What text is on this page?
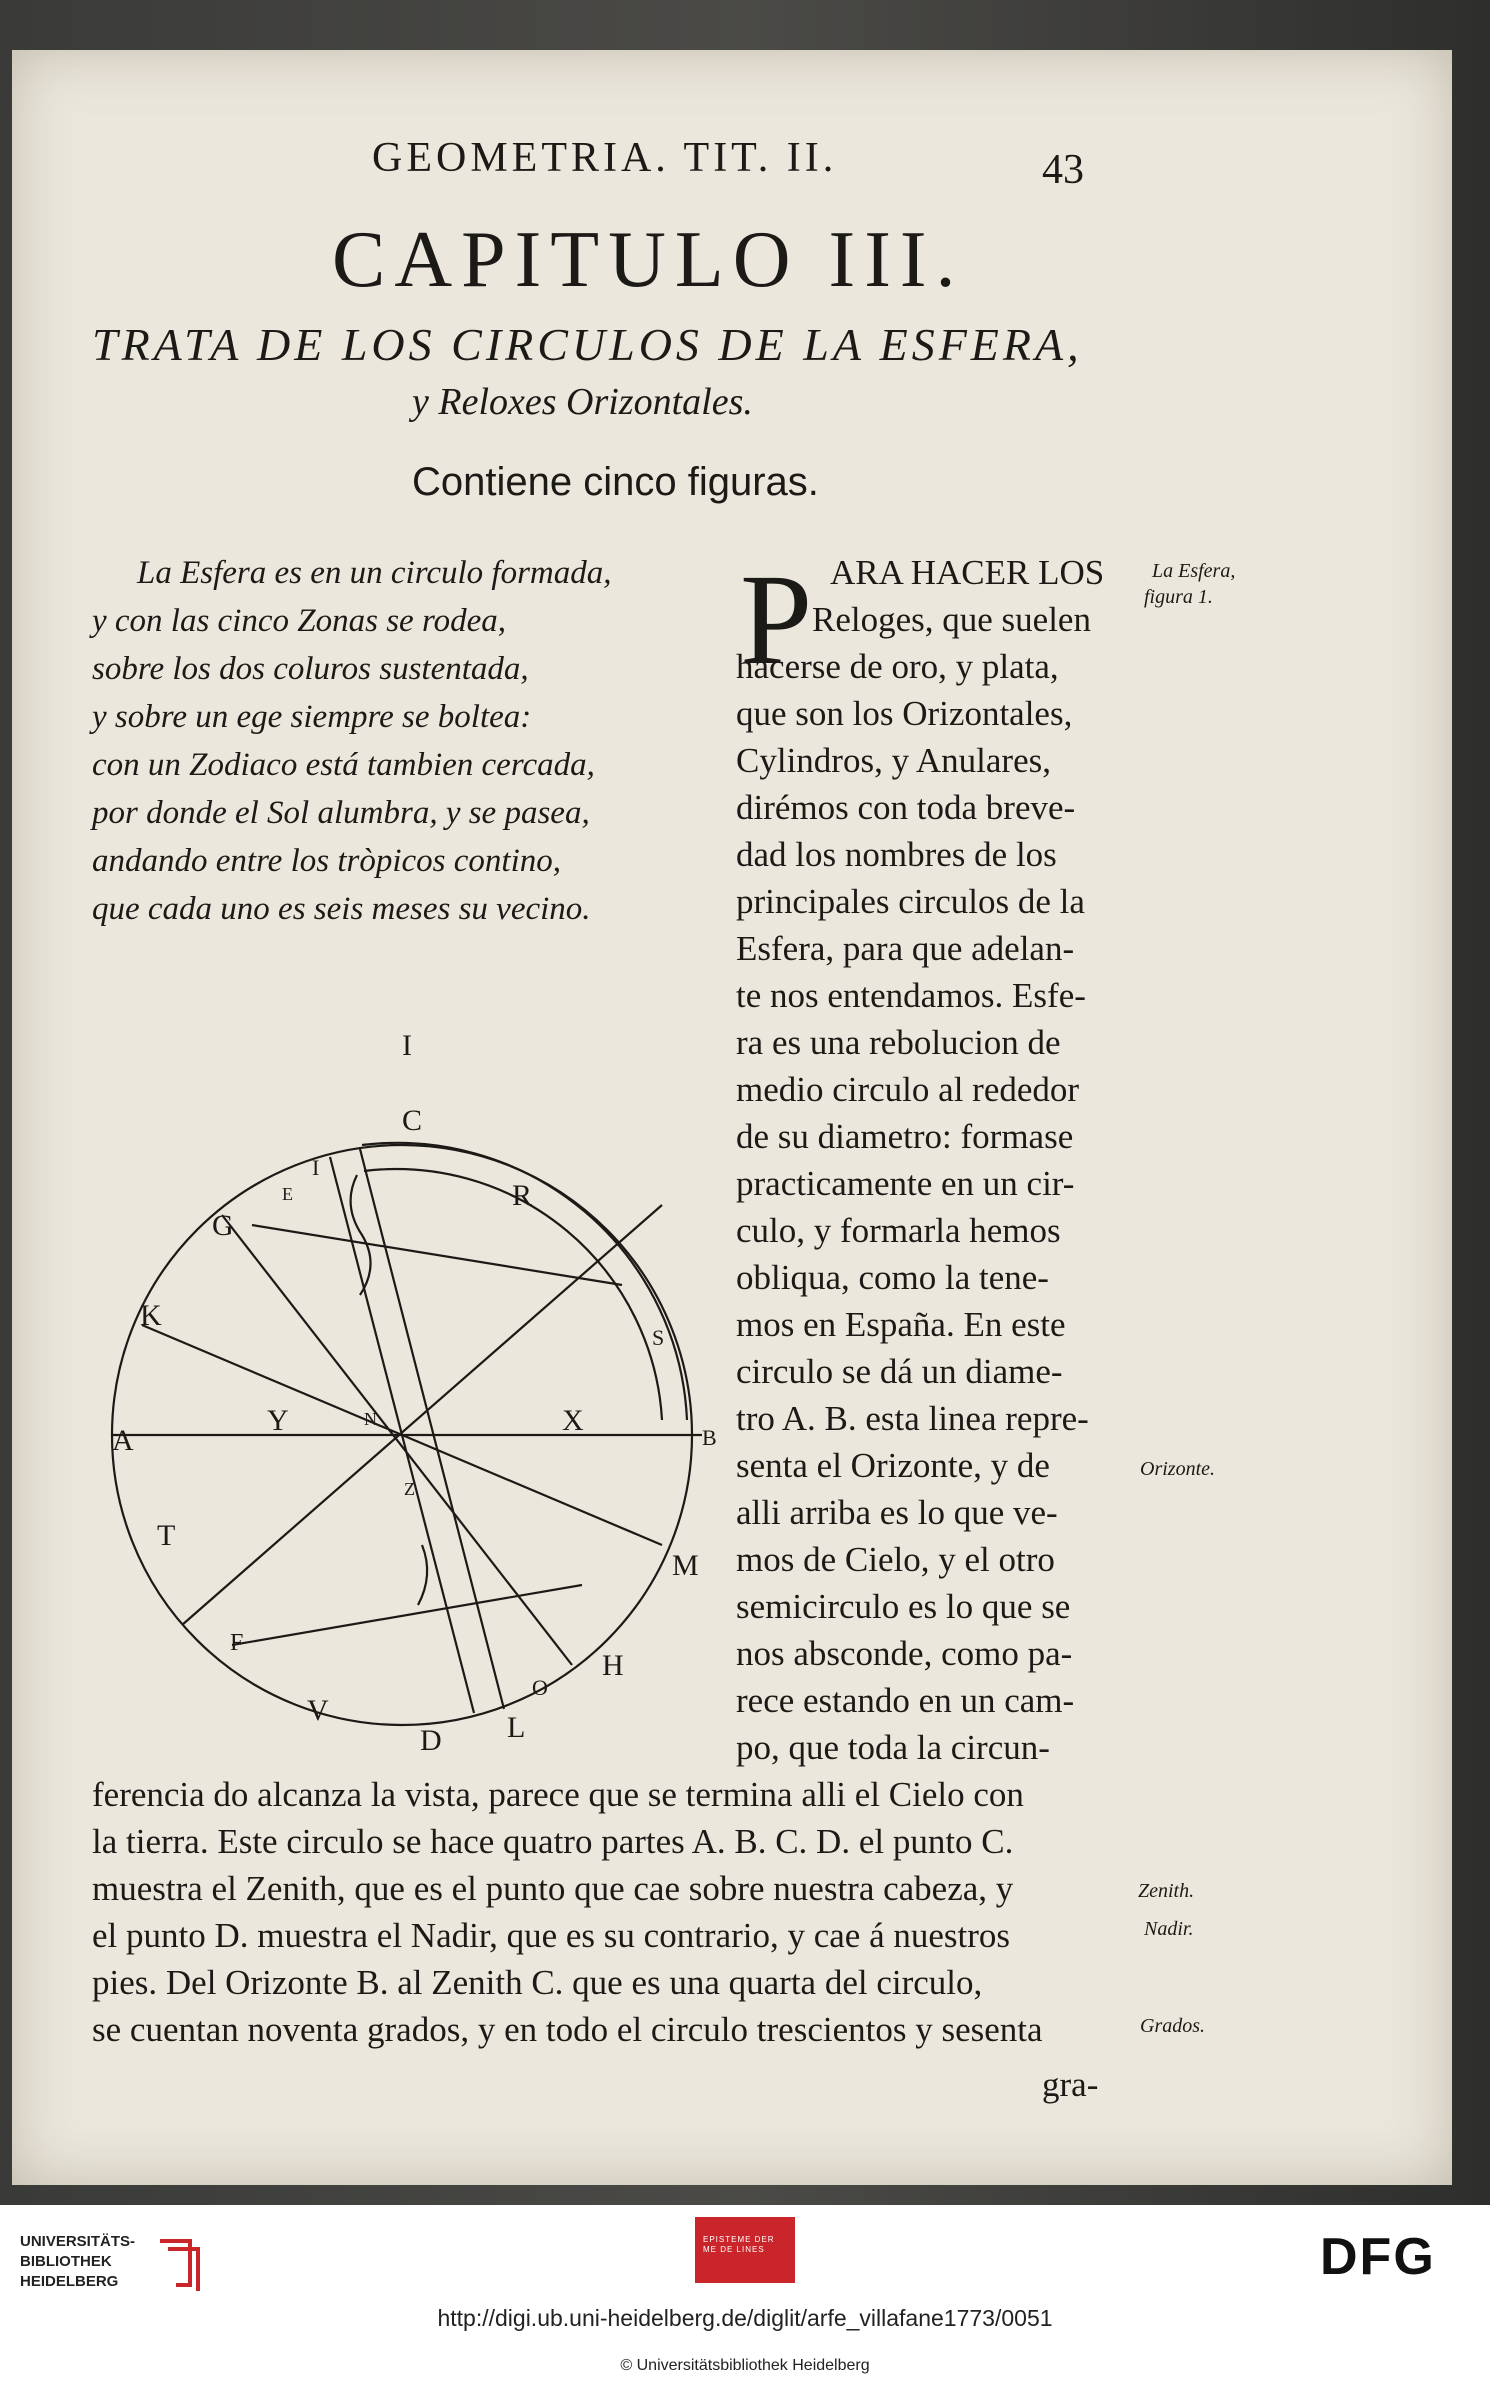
GEOMETRIA. TIT. II.	43
CAPITULO III.
TRATA DE LOS CIRCULOS DE LA ESFERA,
y Reloxes Orizontales.
Contiene cinco figuras.
La Esfera es en un circulo formada,
y con las cinco Zonas se rodea,
sobre los dos coluros sustentada,
y sobre un ege siempre se boltea:
con un Zodiaco está tambien cercada,
por donde el Sol alumbra, y se pasea,
andando entre los tròpicos contino,
que cada uno es seis meses su vecino.
P ARA HACER LOS
Reloges, que suelen
hacerse de oro, y plata,
que son los Orizontales,
Cylindros, y Anulares,
dirémos con toda breve-
dad los nombres de los
principales circulos de la
Esfera, para que adelan-
te nos entendamos. Esfe-
ra es una rebolucion de
medio circulo al rededor
de su diametro: formase
practicamente en un cir-
culo, y formarla hemos
obliqua, como la tene-
mos en España. En este
circulo se dá un diame-
tro A. B. esta linea repre-
senta el Orizonte, y de
alli arriba es lo que ve-
mos de Cielo, y el otro
semicirculo es lo que se
nos absconde, como pa-
rece estando en un cam-
po, que toda la circun-
ferencia do alcanza la vista, parece que se termina alli el Cielo con
la tierra. Este circulo se hace quatro partes A. B. C. D. el punto C.
muestra el Zenith, que es el punto que cae sobre nuestra cabeza, y
el punto D. muestra el Nadir, que es su contrario, y cae á nuestros
pies. Del Orizonte B. al Zenith C. que es una quarta del circulo,
se cuentan noventa grados, y en todo el circulo trescientos y sesenta
gra-
La Esfera,
figura 1.
Orizonte.
Zenith.
Nadir.
Grados.
I
C
A	B
D
Y	X
K
G
I
R
M
H
T
F
V
L
O
E
S
N
Z
UNIVERSITÄTS-
BIBLIOTHEK
HEIDELBERG
EPISTEME DER
ME DE LINES	DFG
http://digi.ub.uni-heidelberg.de/diglit/arfe_villafane1773/0051
© Universitätsbibliothek Heidelberg
